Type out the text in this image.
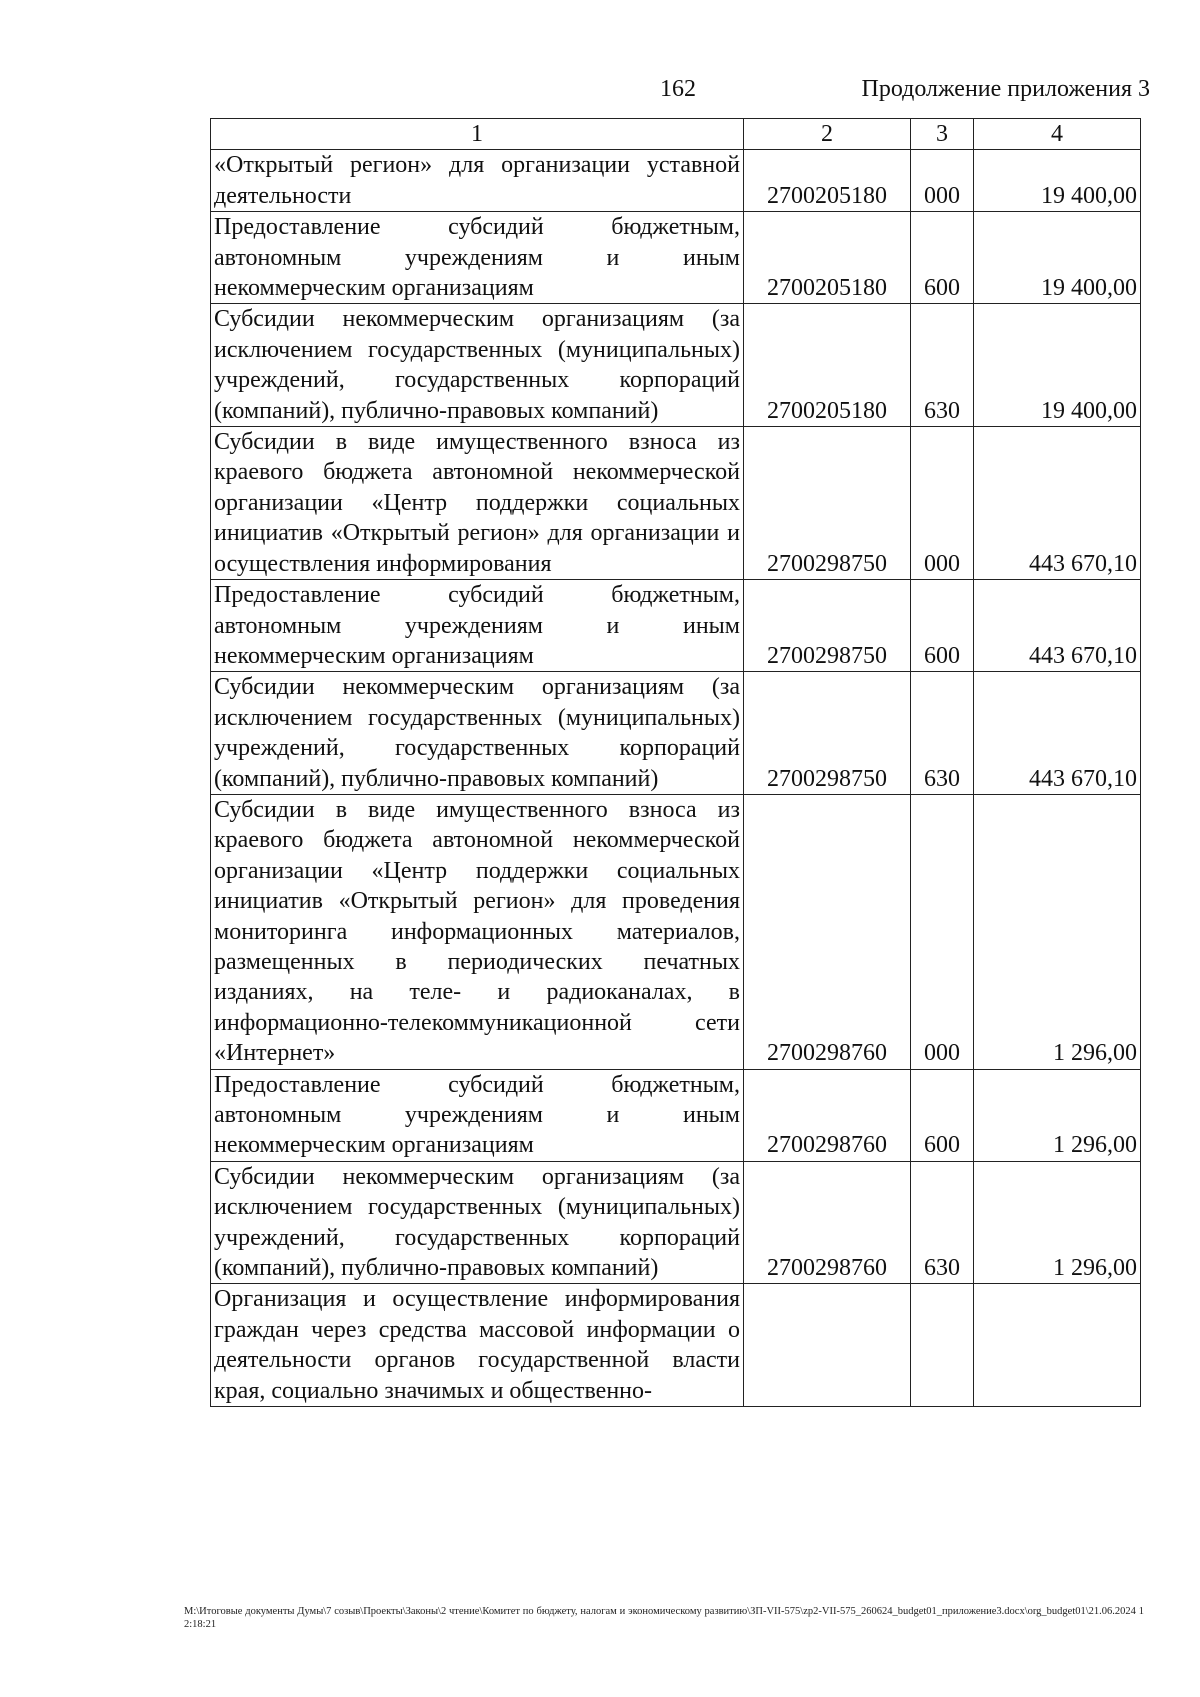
162	Продолжение приложения 3
1	2	3	4
«Открытый регион» для организации уставной деятельности	2700205180	000	19 400,00
Предоставление субсидий бюджетным, автономным учреждениям и иным некоммерческим организациям	2700205180	600	19 400,00
Субсидии некоммерческим организациям (за исключением государственных (муниципальных) учреждений, государственных корпораций (компаний), публично-правовых компаний)	2700205180	630	19 400,00
Субсидии в виде имущественного взноса из краевого бюджета автономной некоммерческой организации «Центр поддержки социальных инициатив «Открытый регион» для организации и осуществления информирования	2700298750	000	443 670,10
Предоставление субсидий бюджетным, автономным учреждениям и иным некоммерческим организациям	2700298750	600	443 670,10
Субсидии некоммерческим организациям (за исключением государственных (муниципальных) учреждений, государственных корпораций (компаний), публично-правовых компаний)	2700298750	630	443 670,10
Субсидии в виде имущественного взноса из краевого бюджета автономной некоммерческой организации «Центр поддержки социальных инициатив «Открытый регион» для проведения мониторинга информационных материалов, размещенных в периодических печатных изданиях, на теле- и радиоканалах, в информационно-телекоммуникационной сети «Интернет»	2700298760	000	1 296,00
Предоставление субсидий бюджетным, автономным учреждениям и иным некоммерческим организациям	2700298760	600	1 296,00
Субсидии некоммерческим организациям (за исключением государственных (муниципальных) учреждений, государственных корпораций (компаний), публично-правовых компаний)	2700298760	630	1 296,00
Организация и осуществление информирования граждан через средства массовой информации о деятельности органов государственной власти края, социально значимых и общественно-			
M:\Итоговые документы Думы\7 созыв\Проекты\Законы\2 чтение\Комитет по бюджету, налогам и экономическому развитию\ЗП-VII-575\zp2-VII-575_260624_budget01_приложение3.docx\org_budget01\21.06.2024 12:18:21
